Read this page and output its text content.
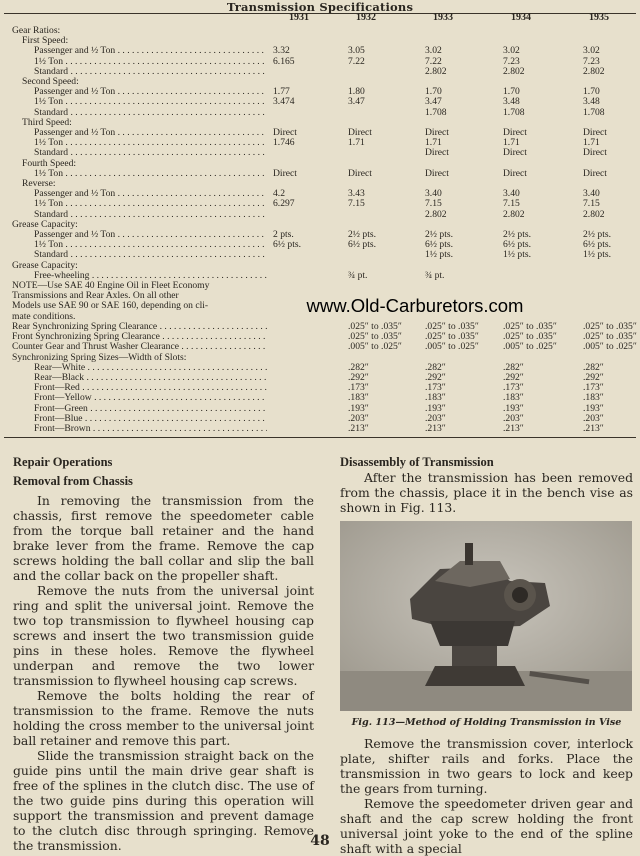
Transmission Specifications
	1931	1932	1933	1934	1935
Gear Ratios:					
First Speed:					
Passenger and ½ Ton . . .	3.32	3.05	3.02	3.02	3.02
1½ Ton . . .	6.165	7.22	7.22	7.23	7.23
Standard . . .			2.802	2.802	2.802
Second Speed:					
Passenger and ½ Ton . . .	1.77	1.80	1.70	1.70	1.70
1½ Ton . . .	3.474	3.47	3.47	3.48	3.48
Standard . . .			1.708	1.708	1.708
Third Speed:					
Passenger and ½ Ton . . .	Direct	Direct	Direct	Direct	Direct
1½ Ton . . .	1.746	1.71	1.71	1.71	1.71
Standard . . .			Direct	Direct	Direct
Fourth Speed:					
1½ Ton . . .	Direct	Direct	Direct	Direct	Direct
Reverse:					
Passenger and ½ Ton . . .	4.2	3.43	3.40	3.40	3.40
1½ Ton . . .	6.297	7.15	7.15	7.15	7.15
Standard . . .			2.802	2.802	2.802
Grease Capacity:					
Passenger and ½ Ton . . .	2 pts.	2½ pts.	2½ pts.	2½ pts.	2½ pts.
1½ Ton . . .	6½ pts.	6½ pts.	6½ pts.	6½ pts.	6½ pts.
Standard . . .			1½ pts.	1½ pts.	1½ pts.
Grease Capacity:					
Free-wheeling . . .		¾ pt.	¾ pt.		
NOTE—Use SAE 40 Engine Oil in Fleet Economy					
Transmissions and Rear Axles. On all other					
Models use SAE 90 or SAE 160, depending on cli-					
mate conditions.					
Rear Synchronizing Spring Clearance . . .		.025″ to .035″	.025″ to .035″	.025″ to .035″	.025″ to .035″
Front Synchronizing Spring Clearance . . .		.025″ to .035″	.025″ to .035″	.025″ to .035″	.025″ to .035″
Counter Gear and Thrust Washer Clearance . . .		.005″ to .025″	.005″ to .025″	.005″ to .025″	.005″ to .025″
Synchronizing Spring Sizes—Width of Slots:					
Rear—White . . .		.282″	.282″	.282″	.282″
Rear—Black . . .		.292″	.292″	.292″	.292″
Front—Red . . .		.173″	.173″	.173″	.173″
Front—Yellow . . .		.183″	.183″	.183″	.183″
Front—Green . . .		.193″	.193″	.193″	.193″
Front—Blue . . .		.203″	.203″	.203″	.203″
Front—Brown . . .		.213″	.213″	.213″	.213″
www.Old-Carburetors.com
Repair Operations
Removal from Chassis

In removing the transmission from the chassis, first remove the speedometer cable from the torque ball retainer and the hand brake lever from the frame. Remove the cap screws holding the ball collar and slip the ball and the collar back on the propeller shaft.

Remove the nuts from the universal joint ring and split the universal joint. Remove the two top transmission to flywheel housing cap screws and insert the two transmission guide pins in these holes. Remove the flywheel underpan and remove the two lower transmission to flywheel housing cap screws.

Remove the bolts holding the rear of transmission to the frame. Remove the nuts holding the cross member to the universal joint ball retainer and remove this part.

Slide the transmission straight back on the guide pins until the main drive gear shaft is free of the splines in the clutch disc. The use of the two guide pins during this operation will support the transmission and prevent damage to the clutch disc through springing. Remove the transmission.

Disassembly of Transmission

After the transmission has been removed from the chassis, place it in the bench vise as shown in Fig. 113.

Fig. 113—Method of Holding Transmission in Vise

Remove the transmission cover, interlock plate, shifter rails and forks. Place the transmission in two gears to lock and keep the gears from turning.

Remove the speedometer driven gear and shaft and the cap screw holding the front universal joint yoke to the end of the spline shaft with a special

48
